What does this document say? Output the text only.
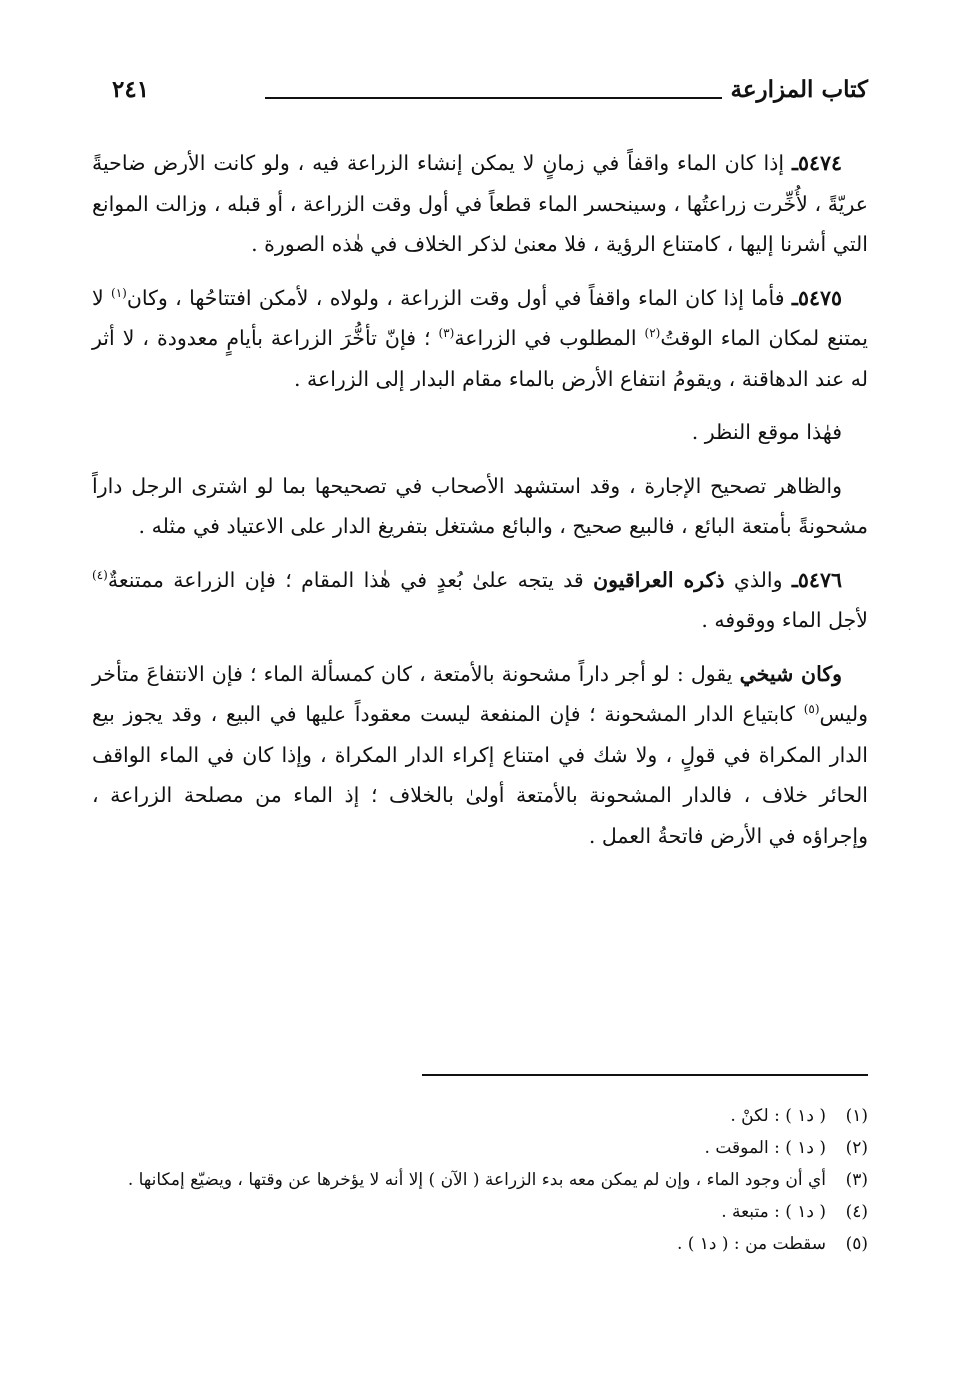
كتاب المزارعة
٢٤١

٥٤٧٤ـ إذا كان الماء واقفاً في زمانٍ لا يمكن إنشاء الزراعة فيه ، ولو كانت الأرض ضاحيةً عريّةً ، لأُخِّرت زراعتُها ، وسينحسر الماء قطعاً في أول وقت الزراعة ، أو قبله ، وزالت الموانع التي أشرنا إليها ، كامتناع الرؤية ، فلا معنىٰ لذكر الخلاف في هٰذه الصورة .

٥٤٧٥ـ فأما إذا كان الماء واقفاً في أول وقت الزراعة ، ولولاه ، لأمكن افتتاحُها ، وكان$^{(١)}$ لا يمتنع لمكان الماء الوقتُ$^{(٢)}$ المطلوب في الزراعة$^{(٣)}$ ؛ فإنّ تأخُّرَ الزراعة بأيامٍ معدودة ، لا أثر له عند الدهاقنة ، ويقومُ انتفاع الأرض بالماء مقام البدار إلى الزراعة .

فهٰذا موقع النظر .

والظاهر تصحيح الإجارة ، وقد استشهد الأصحاب في تصحيحها بما لو اشترى الرجل داراً مشحونةً بأمتعة البائع ، فالبيع صحيح ، والبائع مشتغل بتفريغ الدار على الاعتياد في مثله .

٥٤٧٦ـ والذي ذكره العراقيون قد يتجه علىٰ بُعدٍ في هٰذا المقام ؛ فإن الزراعة ممتنعةٌ$^{(٤)}$ لأجل الماء ووقوفه .

وكان شيخي يقول : لو أجر داراً مشحونة بالأمتعة ، كان كمسألة الماء ؛ فإن الانتفاعَ متأخر وليس$^{(٥)}$ كابتياع الدار المشحونة ؛ فإن المنفعة ليست معقوداً عليها في البيع ، وقد يجوز بيع الدار المكراة في قولٍ ، ولا شك في امتناع إكراء الدار المكراة ، وإذا كان في الماء الواقف الحائر خلاف ، فالدار المشحونة بالأمتعة أولىٰ بالخلاف ؛ إذ الماء من مصلحة الزراعة ، وإجراؤه في الأرض فاتحةُ العمل .

(١)
( د١ ) : لكنْ .
(٢)
( د١ ) : الموقت .
(٣)
أي أن وجود الماء ، وإن لم يمكن معه بدء الزراعة ( الآن ) إلا أنه لا يؤخرها عن وقتها ، ويضيّع إمكانها .
(٤)
( د١ ) : متبعة .
(٥)
سقطت من : ( د١ ) .
